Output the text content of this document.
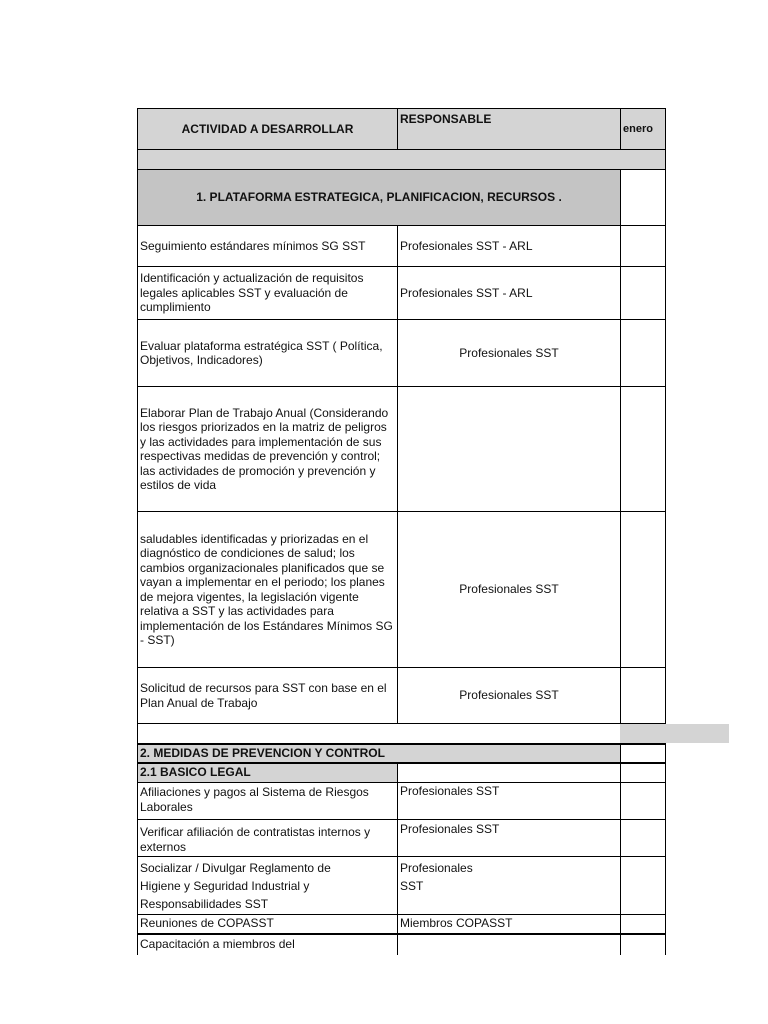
ACTIVIDAD A DESARROLLAR
RESPONSABLE
enero
1. PLATAFORMA ESTRATEGICA, PLANIFICACION, RECURSOS .
Seguimiento estándares mínimos SG SST	Profesionales SST - ARL
Identificación y actualización de requisitos legales aplicables SST y evaluación de cumplimiento
Profesionales SST - ARL
Evaluar plataforma estratégica SST ( Política, Objetivos, Indicadores)
Profesionales SST
Elaborar Plan de Trabajo Anual (Considerando los riesgos priorizados en la matriz de peligros y las actividades para implementación de sus respectivas medidas de prevención y control; las actividades de promoción y prevención y estilos de vida
saludables identificadas y priorizadas en el diagnóstico de condiciones de salud; los cambios organizacionales planificados que se vayan a implementar en el periodo; los planes de mejora vigentes, la legislación vigente relativa a SST y las actividades para implementación de los Estándares Mínimos SG - SST)
Profesionales SST
Solicitud de recursos para SST con base en el Plan Anual de Trabajo
Profesionales SST
2. MEDIDAS DE PREVENCION Y CONTROL
2.1 BASICO LEGAL
Afiliaciones y pagos al Sistema de Riesgos Laborales
Profesionales SST
Verificar afiliación de contratistas internos y externos
Profesionales SST
Socializar / Divulgar Reglamento de
Higiene y Seguridad Industrial y
Responsabilidades SST
Profesionales
SST
Reuniones de COPASST	Miembros COPASST
Capacitación a miembros del
